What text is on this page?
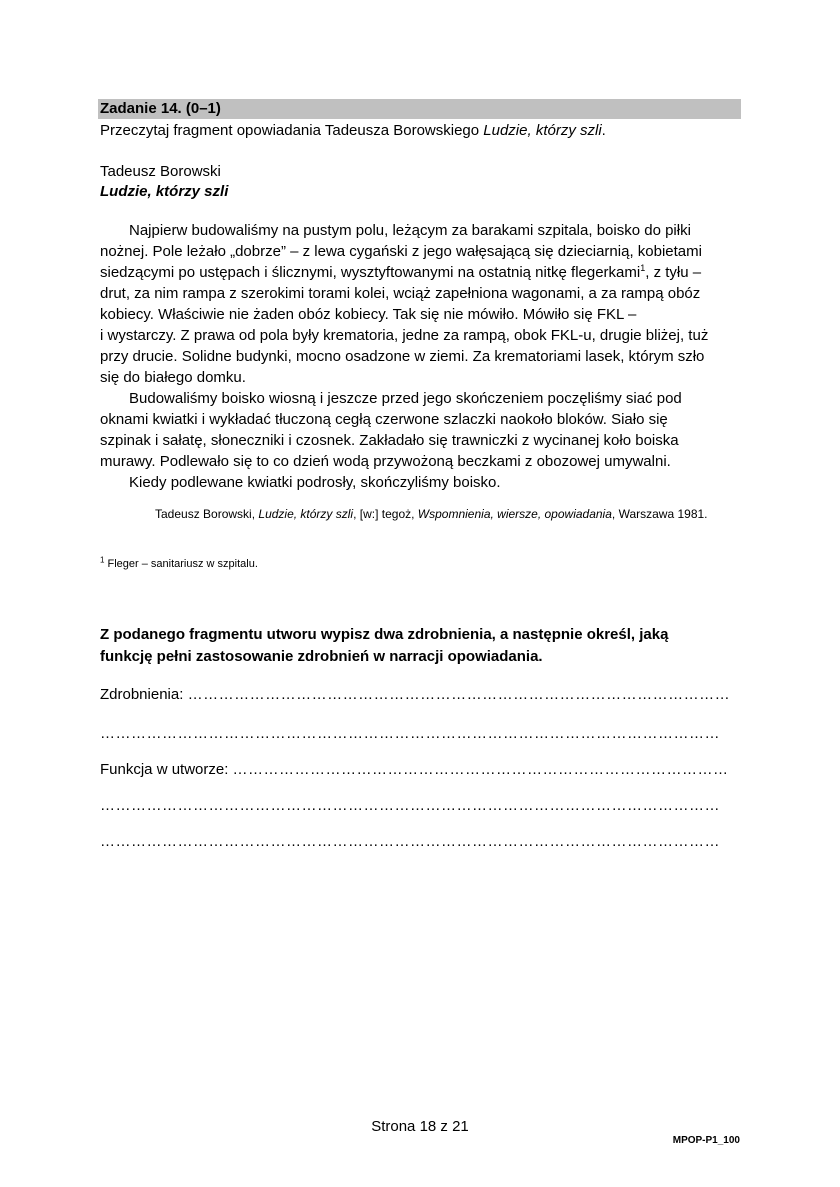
Zadanie 14. (0–1)
Przeczytaj fragment opowiadania Tadeusza Borowskiego Ludzie, którzy szli.
Tadeusz Borowski
Ludzie, którzy szli
Najpierw budowaliśmy na pustym polu, leżącym za barakami szpitala, boisko do piłki
nożnej. Pole leżało „dobrze” – z lewa cygański z jego wałęsającą się dzieciarnią, kobietami
siedzącymi po ustępach i ślicznymi, wysztyftowanymi na ostatnią nitkę flegerkami$^1$, z tyłu –
drut, za nim rampa z szerokimi torami kolei, wciąż zapełniona wagonami, a za rampą obóz
kobiecy. Właściwie nie żaden obóz kobiecy. Tak się nie mówiło. Mówiło się FKL –
i wystarczy. Z prawa od pola były krematoria, jedne za rampą, obok FKL-u, drugie bliżej, tuż
przy drucie. Solidne budynki, mocno osadzone w ziemi. Za krematoriami lasek, którym szło
się do białego domku.
Budowaliśmy boisko wiosną i jeszcze przed jego skończeniem poczęliśmy siać pod
oknami kwiatki i wykładać tłuczoną cegłą czerwone szlaczki naokoło bloków. Siało się
szpinak i sałatę, słoneczniki i czosnek. Zakładało się trawniczki z wycinanej koło boiska
murawy. Podlewało się to co dzień wodą przywożoną beczkami z obozowej umywalni.
Kiedy podlewane kwiatki podrosły, skończyliśmy boisko.
Tadeusz Borowski, Ludzie, którzy szli, [w:] tegoż, Wspomnienia, wiersze, opowiadania, Warszawa 1981.
$^1$ Fleger – sanitariusz w szpitalu.
Z podanego fragmentu utworu wypisz dwa zdrobnienia, a następnie określ, jaką
funkcję pełni zastosowanie zdrobnień w narracji opowiadania.
Zdrobnienia: ……………………………………………………………………………………………
…………………………………………………………………………………………………………
Funkcja w utworze: ……………………………………………………………………………………
…………………………………………………………………………………………………………
…………………………………………………………………………………………………………
Strona 18 z 21
MPOP-P1_100
